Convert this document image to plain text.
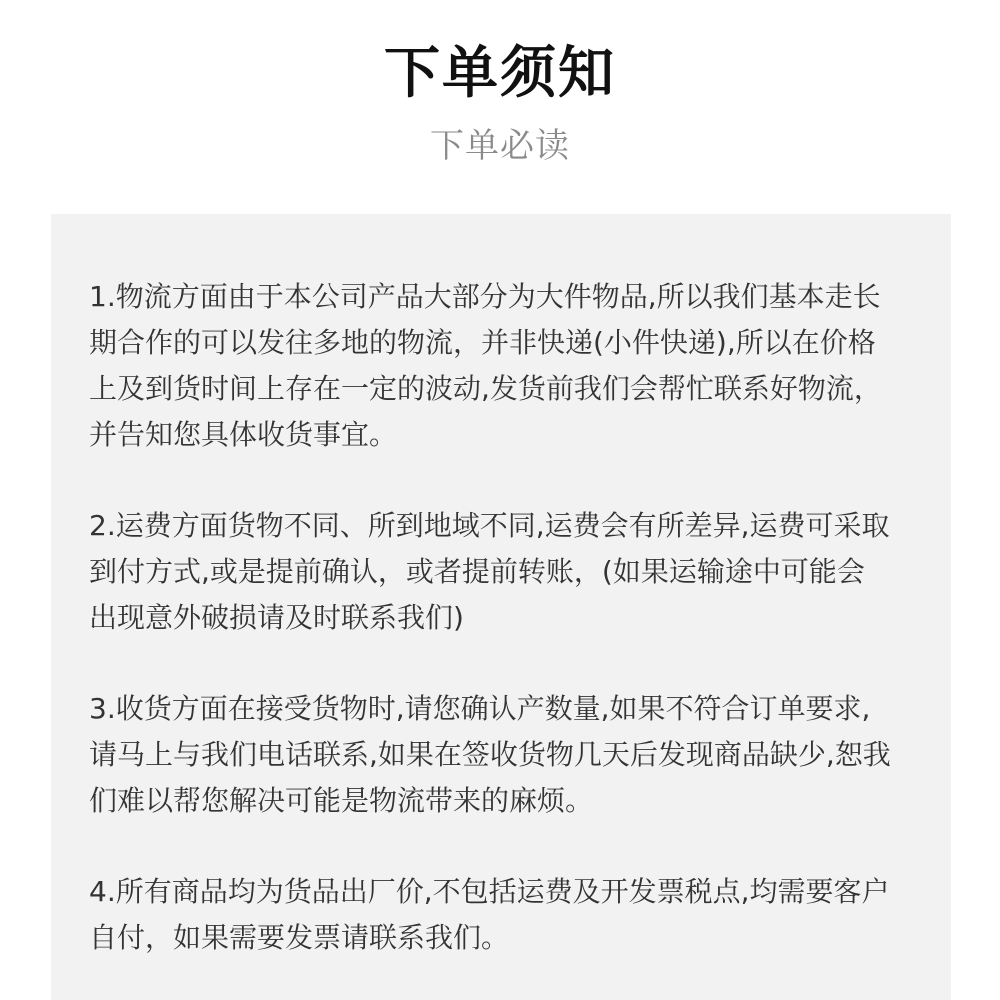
下单须知
下单必读

1.物流方面由于本公司产品大部分为大件物品,所以我们基本走长期合作的可以发往多地的物流，并非快递(小件快递),所以在价格上及到货时间上存在一定的波动,发货前我们会帮忙联系好物流，并告知您具体收货事宜。

2.运费方面货物不同、所到地域不同,运费会有所差异,运费可采取到付方式,或是提前确认，或者提前转账，(如果运输途中可能会出现意外破损请及时联系我们)

3.收货方面在接受货物时,请您确认产数量,如果不符合订单要求,请马上与我们电话联系,如果在签收货物几天后发现商品缺少,恕我们难以帮您解决可能是物流带来的麻烦。

4.所有商品均为货品出厂价,不包括运费及开发票税点,均需要客户自付，如果需要发票请联系我们。
